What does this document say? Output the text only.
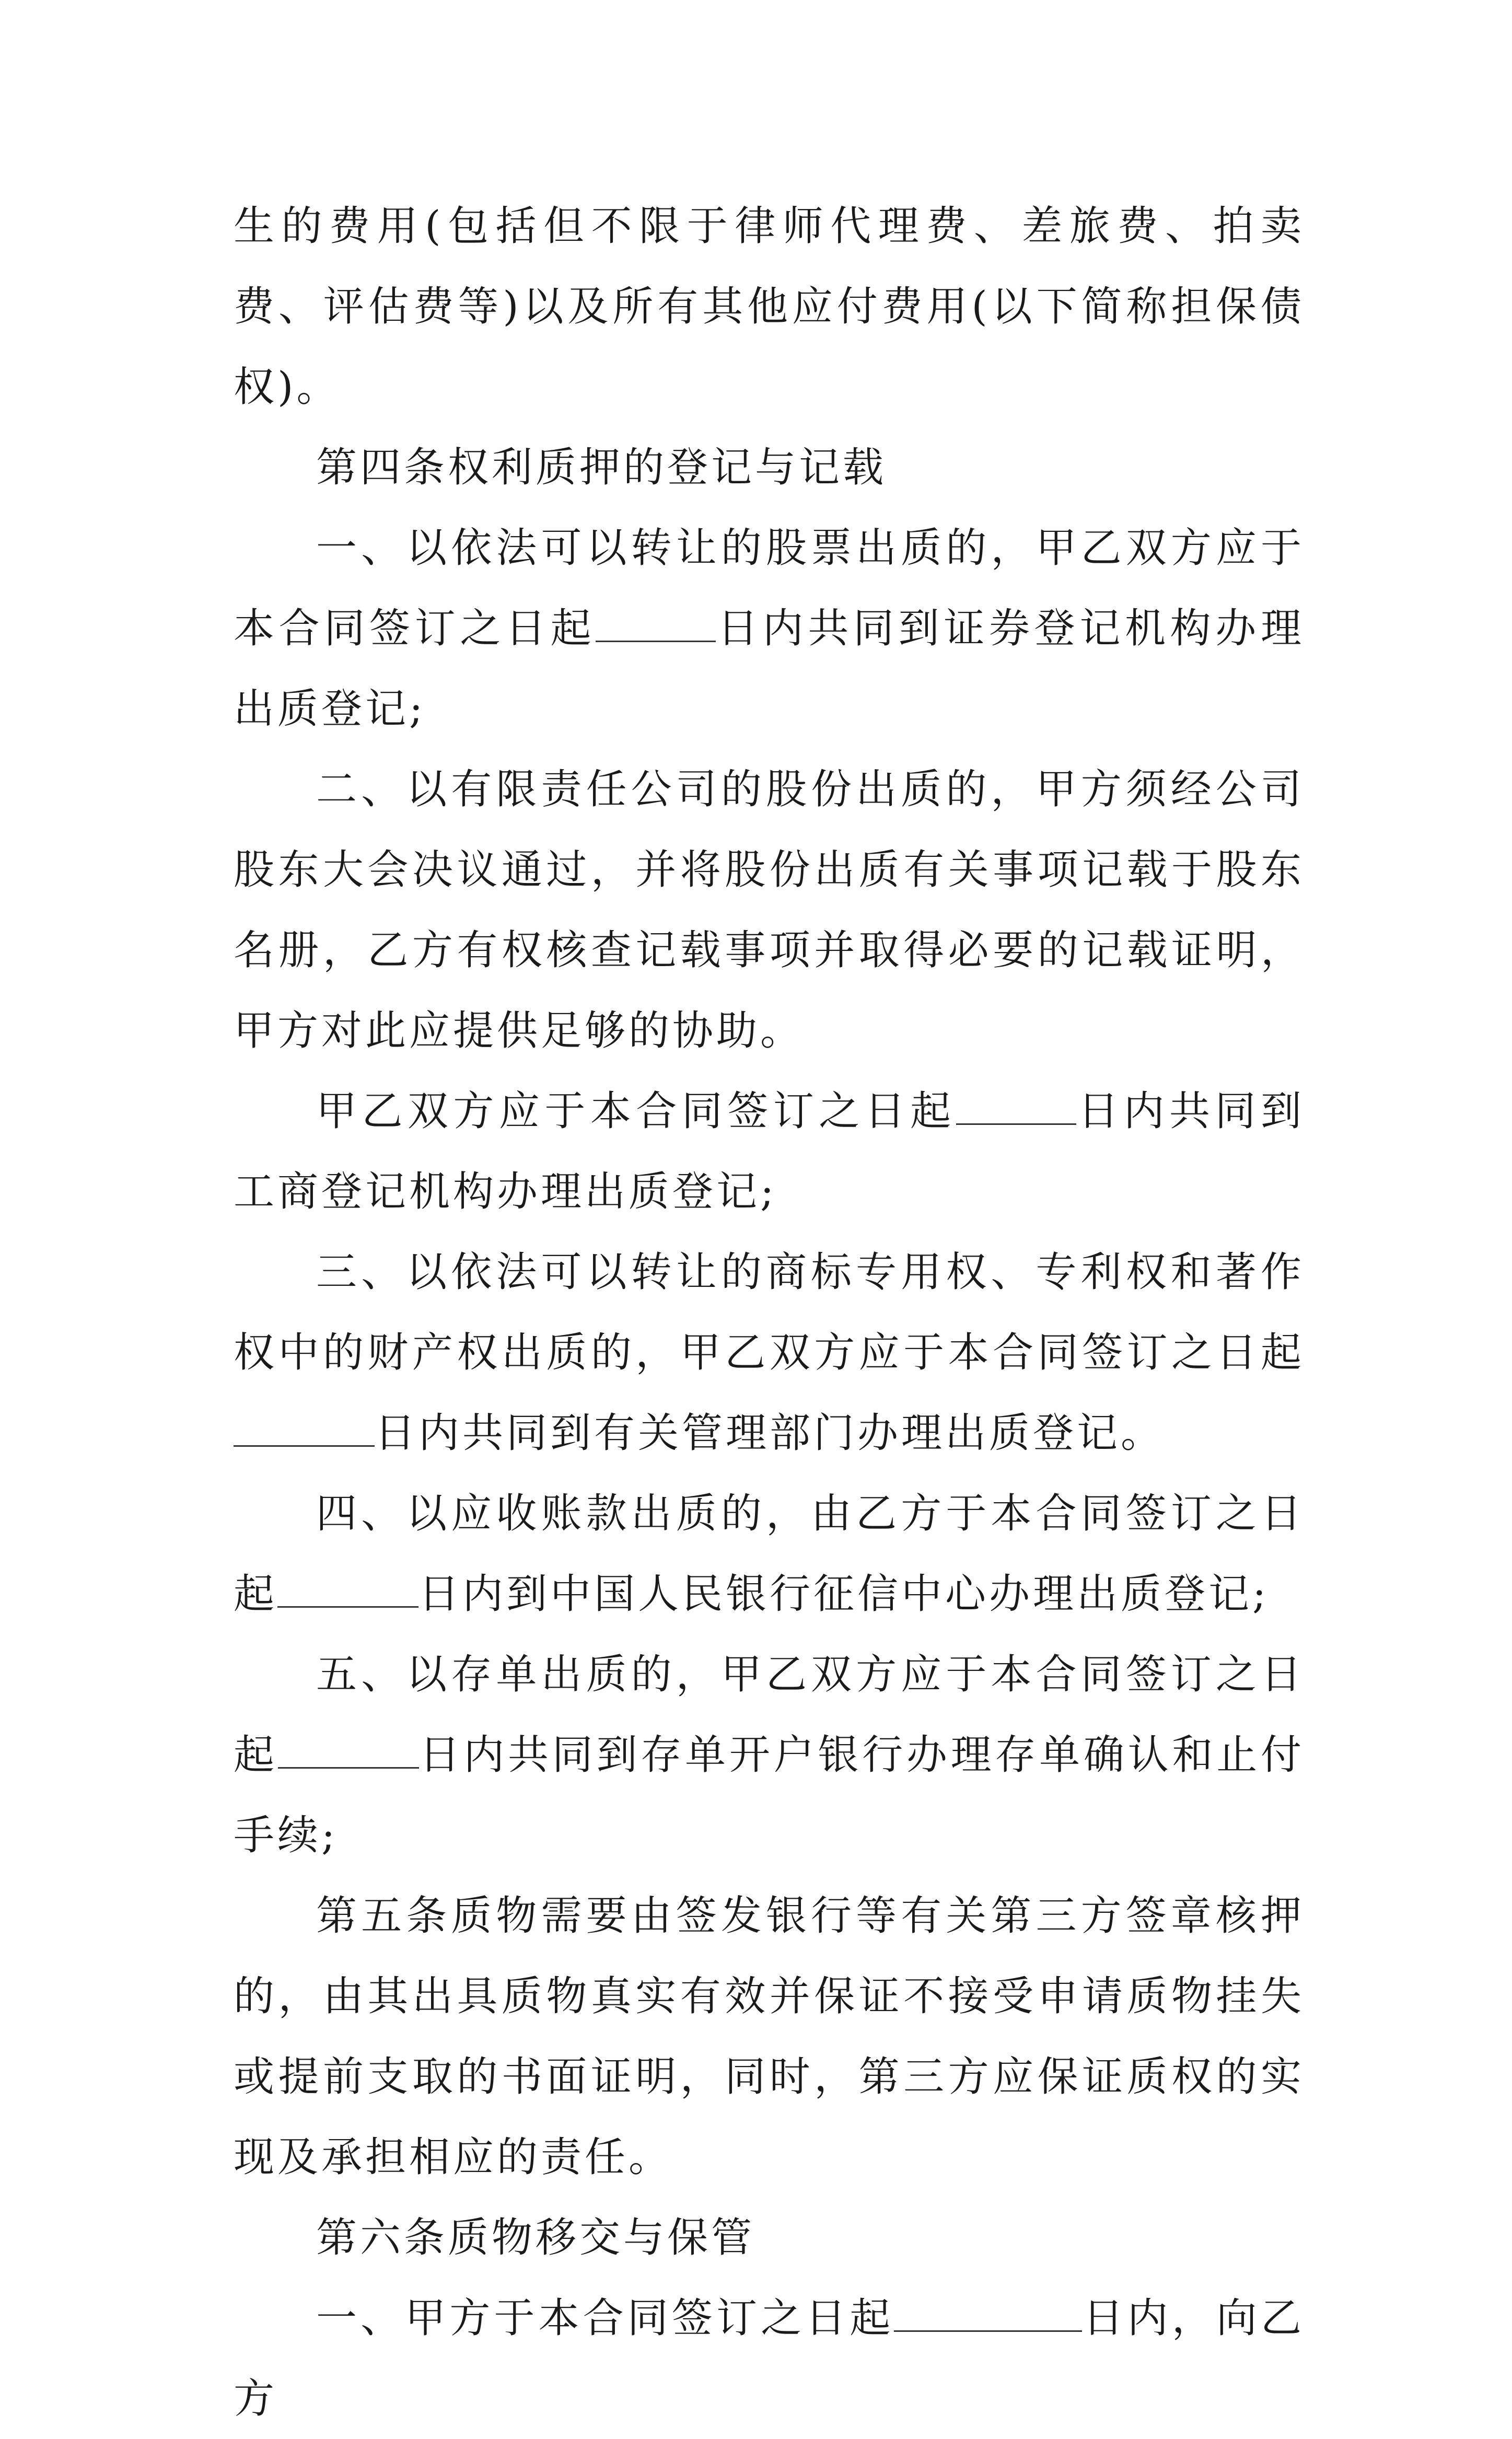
生的费用(包括但不限于律师代理费、差旅费、拍卖费、评估费等)以及所有其他应付费用(以下简称担保债权)。

第四条权利质押的登记与记载

一、以依法可以转让的股票出质的，甲乙双方应于本合同签订之日起	日内共同到证券登记机构办理出质登记;

二、以有限责任公司的股份出质的，甲方须经公司股东大会决议通过，并将股份出质有关事项记载于股东名册，乙方有权核查记载事项并取得必要的记载证明，甲方对此应提供足够的协助。

甲乙双方应于本合同签订之日起	日内共同到工商登记机构办理出质登记;

三、以依法可以转让的商标专用权、专利权和著作权中的财产权出质的，甲乙双方应于本合同签订之日起日内共同到有关管理部门办理出质登记。

四、以应收账款出质的，由乙方于本合同签订之日起	日内到中国人民银行征信中心办理出质登记;

五、以存单出质的，甲乙双方应于本合同签订之日起	日内共同到存单开户银行办理存单确认和止付手续;

第五条质物需要由签发银行等有关第三方签章核押的，由其出具质物真实有效并保证不接受申请质物挂失或提前支取的书面证明，同时，第三方应保证质权的实现及承担相应的责任。

第六条质物移交与保管

一、甲方于本合同签订之日起	日内，向乙方
